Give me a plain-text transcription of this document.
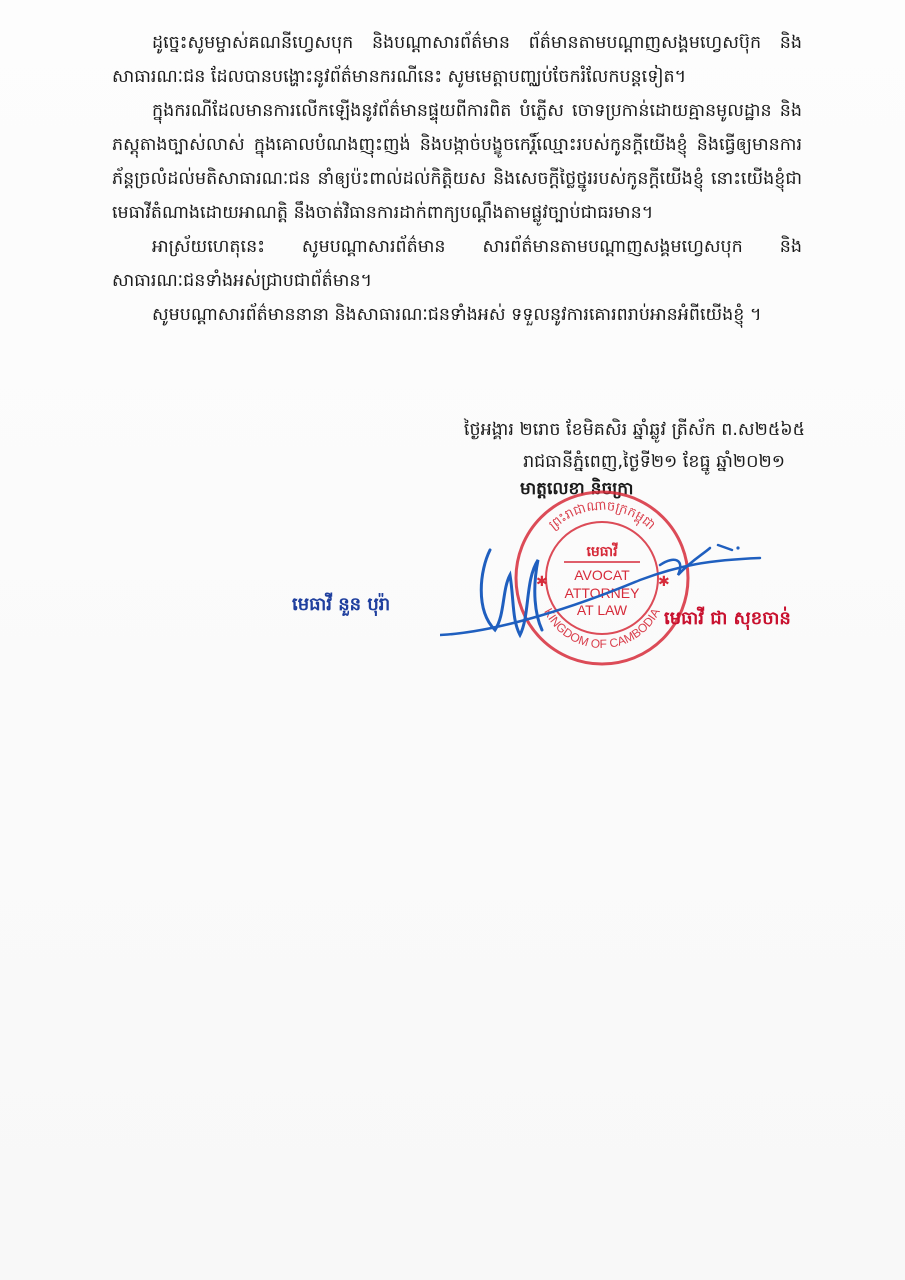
ដូច្នេះសូមម្ចាស់គណនីហ្វេសបុក និងបណ្តាសារព័ត៌មាន ព័ត៌មានតាមបណ្តាញសង្គមហ្វេសប៊ុក និងសាធារណៈជន ដែលបានបង្ហោះនូវព័ត៌មានករណីនេះ សូមមេត្តាបញ្ឈប់ចែករំលែកបន្តទៀត។

ក្នុងករណីដែលមានការលើកឡើងនូវព័ត៌មានផ្ទុយពីការពិត បំភ្លើស ចោទប្រកាន់ដោយគ្មានមូលដ្ឋាន និងភស្តុតាងច្បាស់លាស់ ក្នុងគោលបំណងញុះញង់ និងបង្កាច់បង្ខូចកេរ្តិ៍ឈ្មោះរបស់កូនក្តីយើងខ្ញុំ និងធ្វើឲ្យមានការភ័ន្តច្រលំដល់មតិសាធារណៈជន នាំឲ្យប៉ះពាល់ដល់កិត្តិយស និងសេចក្តីថ្លៃថ្នូររបស់កូនក្តីយើងខ្ញុំ នោះយើងខ្ញុំជាមេធាវីតំណាងដោយអាណត្តិ នឹងចាត់វិធានការដាក់ពាក្យបណ្តឹងតាមផ្លូវច្បាប់ជាធរមាន។

អាស្រ័យហេតុនេះ សូមបណ្តាសារព័ត៌មាន សារព័ត៌មានតាមបណ្តាញសង្គមហ្វេសបុក និង សាធារណៈជនទាំងអស់ជ្រាបជាព័ត៌មាន។

សូមបណ្តាសារព័ត៌មាននានា និងសាធារណៈជនទាំងអស់ ទទួលនូវការគោរពរាប់អានអំពីយើងខ្ញុំ ។

ថ្ងៃអង្គារ ២រោច ខែមិគសិរ ឆ្នាំឆ្លូវ ត្រីស័ក ព.ស២៥៦៥
រាជធានីភ្នំពេញ,ថ្ងៃទី២១ ខែធ្នូ ឆ្នាំ២០២១
មាត្តលេខា និចក្រា
ព្រះរាជាណាចក្រកម្ពុជា
KINGDOM OF CAMBODIA
មេធាវី
AVOCAT
ATTORNEY
AT LAW
✱	✱
មេធាវី នួន បុរ៉ា
មេធាវី ជា សុខចាន់
